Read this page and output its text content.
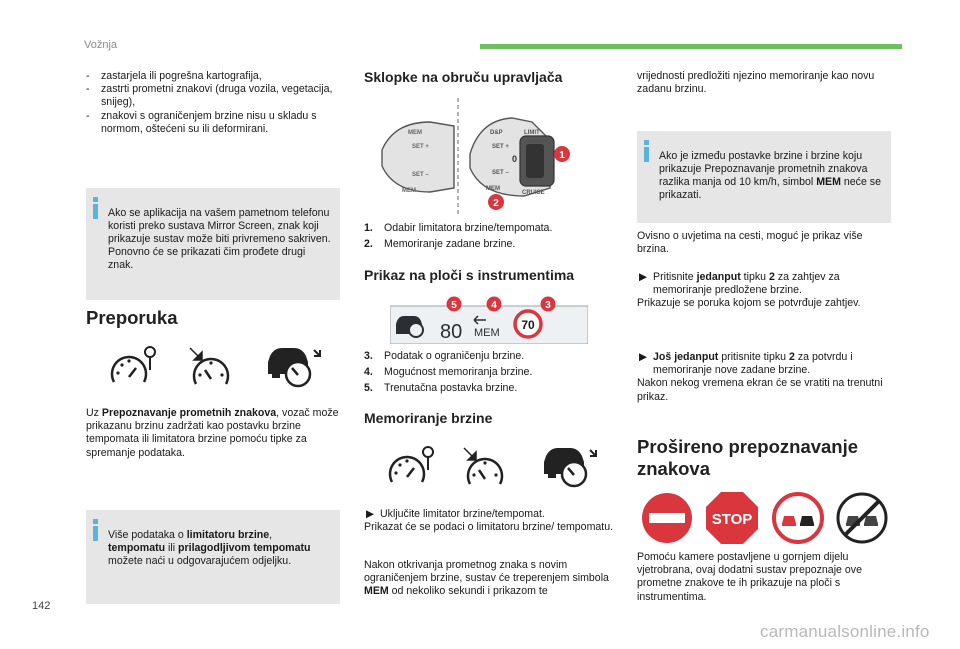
Vožnja
- zastarjela ili pogrešna kartografija,
- zastrti prometni znakovi (druga vozila, vegetacija, snijeg),
- znakovi s ograničenjem brzine nisu u skladu s normom, oštećeni su ili deformirani.

Ako se aplikacija na vašem pametnom telefonu koristi preko sustava Mirror Screen, znak koji prikazuje sustav može biti privremeno sakriven. Ponovno će se prikazati čim prođete drugi znak.

Preporuka

Uz Prepoznavanje prometnih znakova, vozač može prikazanu brzinu zadržati kao postavku brzine tempomata ili limitatora brzine pomoću tipke za spremanje podataka.

Više podataka o limitatoru brzine, tempomatu ili prilagodljivom tempomatu možete naći u odgovarajućem odjeljku.

Sklopke na obruču upravljača
MEM
SET +
SET –
MEM
D&P
SET +
SET –
MEM
LIMIT
CRUISE
0	1
2
1. Odabir limitatora brzine/tempomata.
2. Memoriranje zadane brzine.
Prikaz na ploči s instrumentima
80 MEM
70
5	4	3
3. Podatak o ograničenju brzine.
4. Mogućnost memoriranja brzine.
5. Trenutačna postavka brzine.
Memoriranje brzine

▶︎ Uključite limitator brzine/tempomat.

Prikazat će se podaci o limitatoru brzine/ tempomatu.

Nakon otkrivanja prometnog znaka s novim ograničenjem brzine, sustav će treperenjem simbola MEM od nekoliko sekundi i prikazom te

vrijednosti predložiti njezino memoriranje kao novu zadanu brzinu.

Ako je između postavke brzine i brzine koju prikazuje Prepoznavanje prometnih znakova razlika manja od 10 km/h, simbol MEM neće se prikazati.

Ovisno o uvjetima na cesti, moguć je prikaz više brzina.

▶︎ Pritisnite jedanput tipku 2 za zahtjev za memoriranje predložene brzine.

Prikazuje se poruka kojom se potvrđuje zahtjev.

▶︎ Još jedanput pritisnite tipku 2 za potvrdu i memoriranje nove zadane brzine.

Nakon nekog vremena ekran će se vratiti na trenutni prikaz.

Prošireno prepoznavanje znakova
STOP

Pomoću kamere postavljene u gornjem dijelu vjetrobrana, ovaj dodatni sustav prepoznaje ove prometne znakove te ih prikazuje na ploči s instrumentima.

142
carmanualsonline.info
